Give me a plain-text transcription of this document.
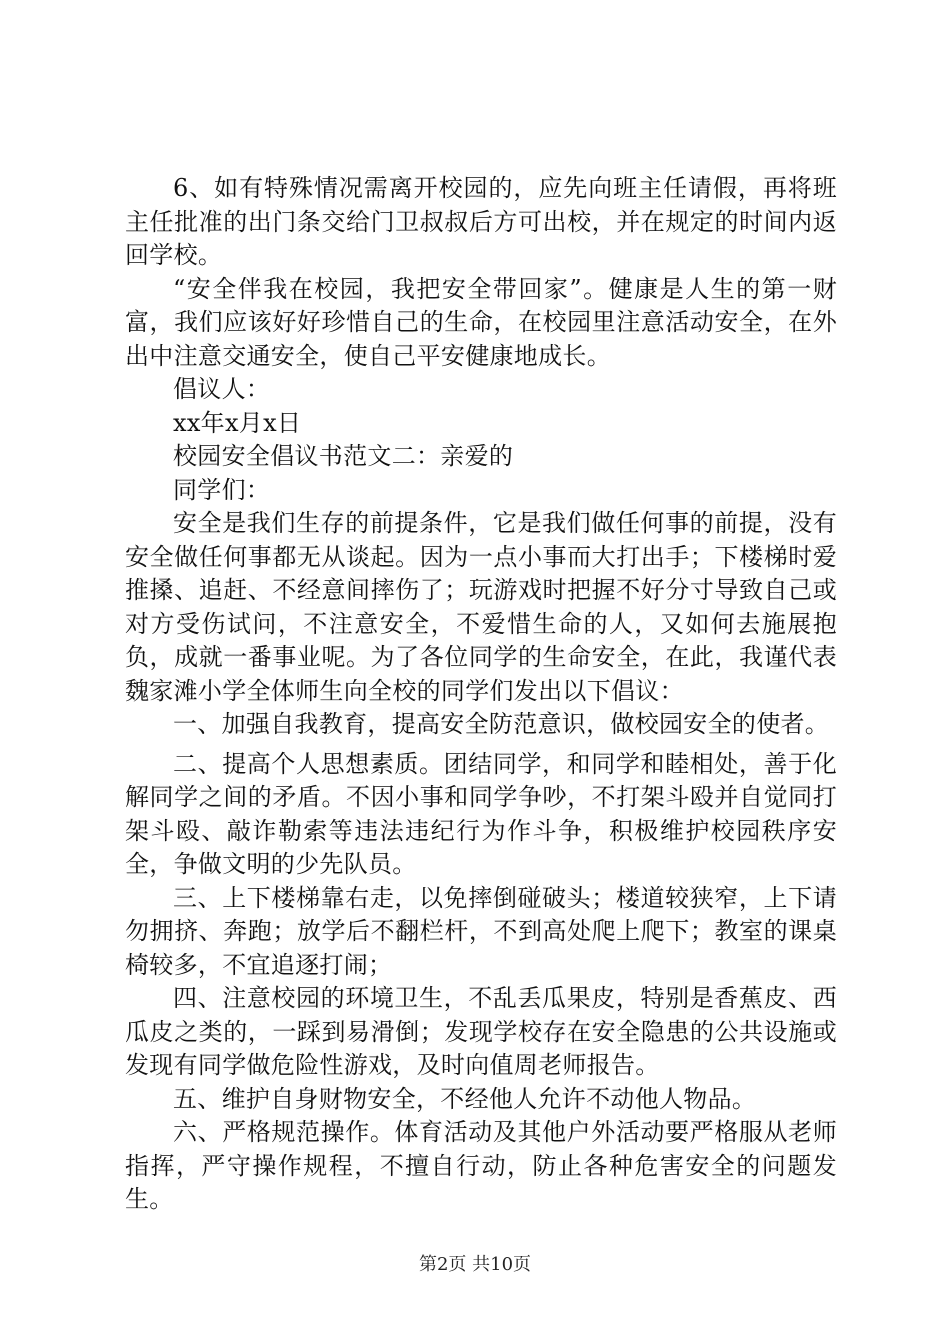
6、如有特殊情况需离开校园的，应先向班主任请假，再将班主任批准的出门条交给门卫叔叔后方可出校，并在规定的时间内返回学校。

“安全伴我在校园，我把安全带回家”。健康是人生的第一财富，我们应该好好珍惜自己的生命，在校园里注意活动安全，在外出中注意交通安全，使自己平安健康地成长。

倡议人：

xx年x月x日

校园安全倡议书范文二：亲爱的

同学们：

安全是我们生存的前提条件，它是我们做任何事的前提，没有安全做任何事都无从谈起。因为一点小事而大打出手；下楼梯时爱推搡、追赶、不经意间摔伤了；玩游戏时把握不好分寸导致自己或对方受伤试问，不注意安全，不爱惜生命的人，又如何去施展抱负，成就一番事业呢。为了各位同学的生命安全，在此，我谨代表魏家滩小学全体师生向全校的同学们发出以下倡议：

一、加强自我教育，提高安全防范意识，做校园安全的使者。

二、提高个人思想素质。团结同学，和同学和睦相处，善于化解同学之间的矛盾。不因小事和同学争吵，不打架斗殴并自觉同打架斗殴、敲诈勒索等违法违纪行为作斗争，积极维护校园秩序安全，争做文明的少先队员。

三、上下楼梯靠右走，以免摔倒碰破头；楼道较狭窄，上下请勿拥挤、奔跑；放学后不翻栏杆，不到高处爬上爬下；教室的课桌椅较多，不宜追逐打闹；

四、注意校园的环境卫生，不乱丢瓜果皮，特别是香蕉皮、西瓜皮之类的，一踩到易滑倒；发现学校存在安全隐患的公共设施或发现有同学做危险性游戏，及时向值周老师报告。

五、维护自身财物安全，不经他人允许不动他人物品。

六、严格规范操作。体育活动及其他户外活动要严格服从老师指挥，严守操作规程，不擅自行动，防止各种危害安全的问题发生。

第2页 共10页
